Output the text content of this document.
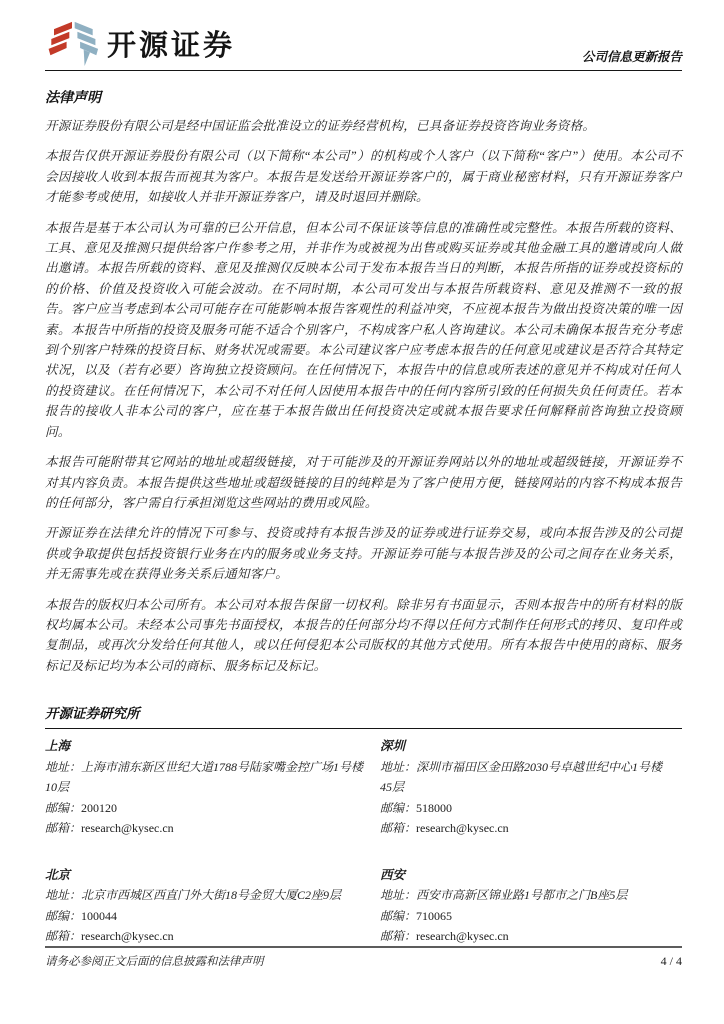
开源证券	公司信息更新报告
法律声明

开源证券股份有限公司是经中国证监会批准设立的证券经营机构，已具备证券投资咨询业务资格。

本报告仅供开源证券股份有限公司（以下简称“本公司”）的机构或个人客户（以下简称“客户”）使用。本公司不会因接收人收到本报告而视其为客户。本报告是发送给开源证券客户的，属于商业秘密材料，只有开源证券客户才能参考或使用，如接收人并非开源证券客户，请及时退回并删除。

本报告是基于本公司认为可靠的已公开信息，但本公司不保证该等信息的准确性或完整性。本报告所载的资料、工具、意见及推测只提供给客户作参考之用，并非作为或被视为出售或购买证券或其他金融工具的邀请或向人做出邀请。本报告所载的资料、意见及推测仅反映本公司于发布本报告当日的判断，本报告所指的证券或投资标的的价格、价值及投资收入可能会波动。在不同时期，本公司可发出与本报告所载资料、意见及推测不一致的报告。客户应当考虑到本公司可能存在可能影响本报告客观性的利益冲突，不应视本报告为做出投资决策的唯一因素。本报告中所指的投资及服务可能不适合个别客户，不构成客户私人咨询建议。本公司未确保本报告充分考虑到个别客户特殊的投资目标、财务状况或需要。本公司建议客户应考虑本报告的任何意见或建议是否符合其特定状况，以及（若有必要）咨询独立投资顾问。在任何情况下，本报告中的信息或所表述的意见并不构成对任何人的投资建议。在任何情况下，本公司不对任何人因使用本报告中的任何内容所引致的任何损失负任何责任。若本报告的接收人非本公司的客户，应在基于本报告做出任何投资决定或就本报告要求任何解释前咨询独立投资顾问。

本报告可能附带其它网站的地址或超级链接，对于可能涉及的开源证券网站以外的地址或超级链接，开源证券不对其内容负责。本报告提供这些地址或超级链接的目的纯粹是为了客户使用方便，链接网站的内容不构成本报告的任何部分，客户需自行承担浏览这些网站的费用或风险。

开源证券在法律允许的情况下可参与、投资或持有本报告涉及的证券或进行证券交易，或向本报告涉及的公司提供或争取提供包括投资银行业务在内的服务或业务支持。开源证券可能与本报告涉及的公司之间存在业务关系，并无需事先或在获得业务关系后通知客户。

本报告的版权归本公司所有。本公司对本报告保留一切权利。除非另有书面显示，否则本报告中的所有材料的版权均属本公司。未经本公司事先书面授权，本报告的任何部分均不得以任何方式制作任何形式的拷贝、复印件或复制品，或再次分发给任何其他人，或以任何侵犯本公司版权的其他方式使用。所有本报告中使用的商标、服务标记及标记均为本公司的商标、服务标记及标记。

开源证券研究所
上海
地址：上海市浦东新区世纪大道1788号陆家嘴金控广场1号楼10层
邮编：200120
邮箱：research@kysec.cn
深圳
地址：深圳市福田区金田路2030号卓越世纪中心1号楼45层
邮编：518000
邮箱：research@kysec.cn
北京
地址：北京市西城区西直门外大街18号金贸大厦C2座9层
邮编：100044
邮箱：research@kysec.cn
西安
地址：西安市高新区锦业路1号都市之门B座5层
邮编：710065
邮箱：research@kysec.cn
请务必参阅正文后面的信息披露和法律声明	4 / 4
